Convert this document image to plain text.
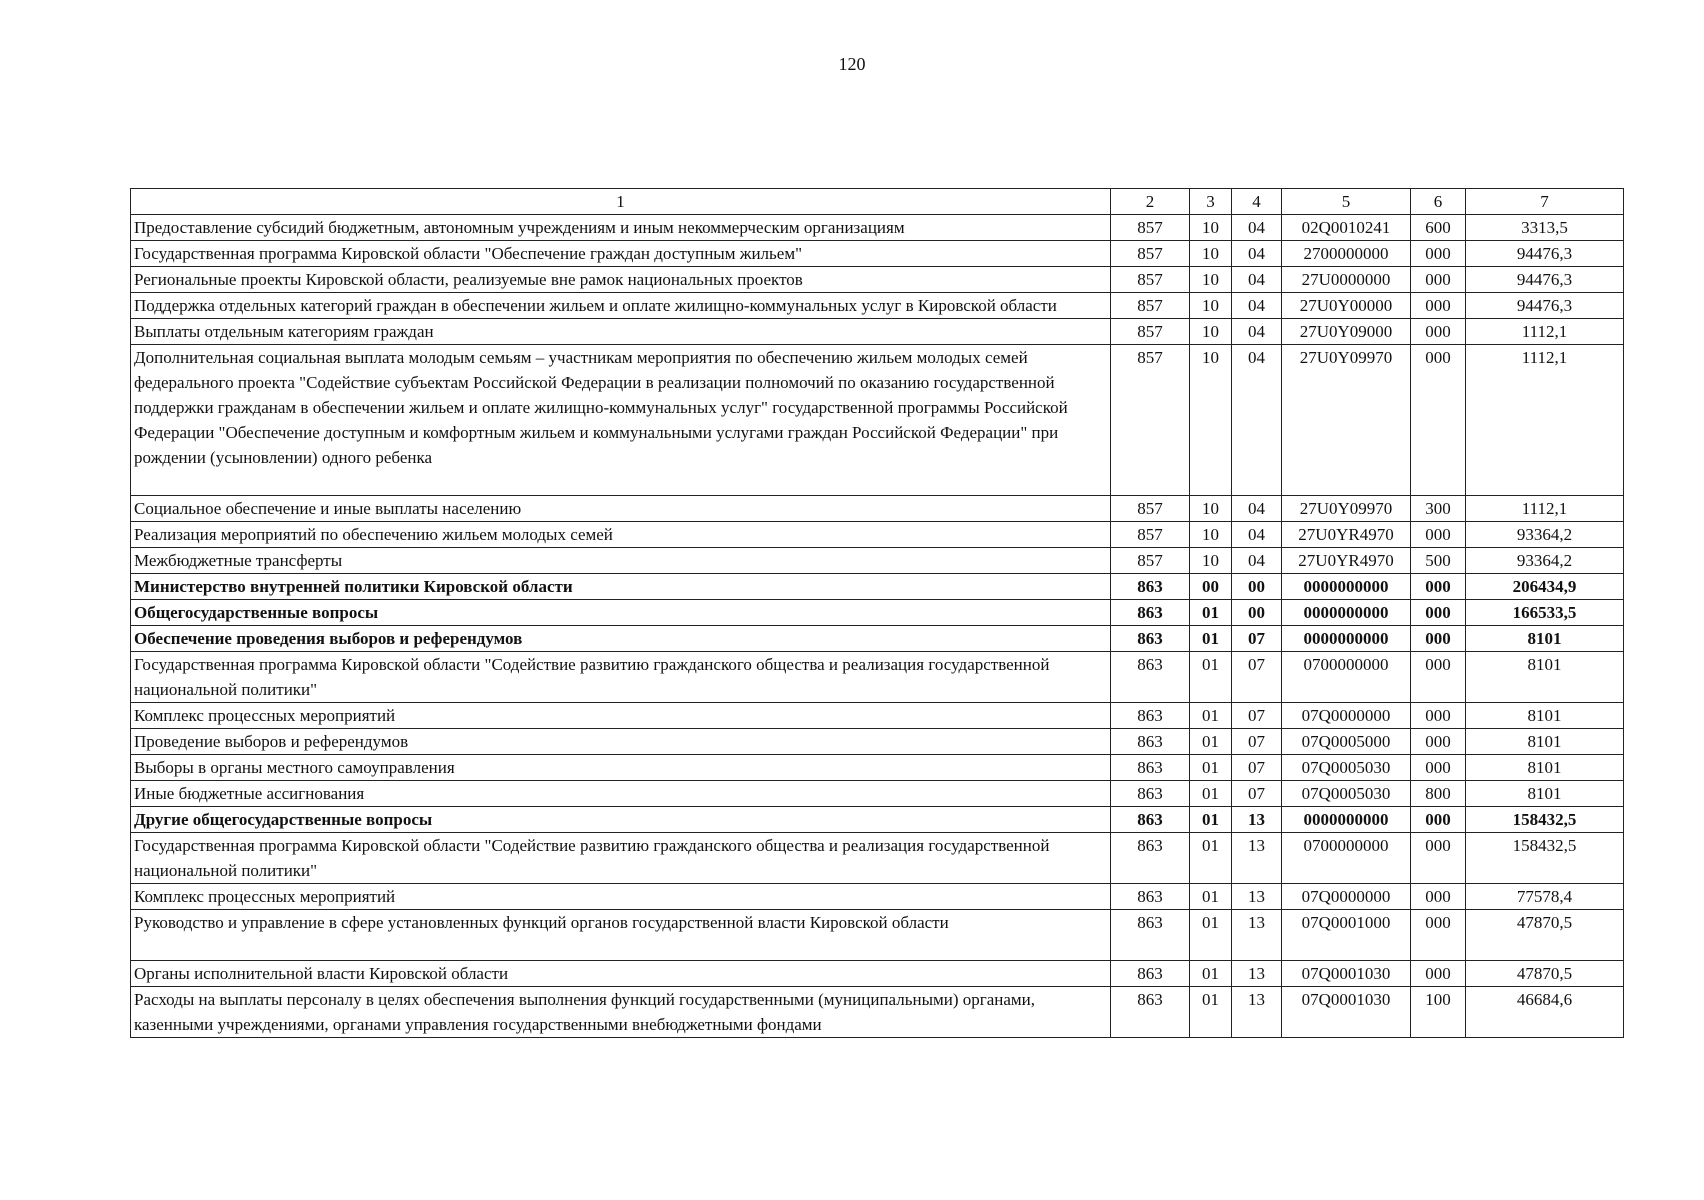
120
1	2	3	4	5	6	7
Предоставление субсидий бюджетным, автономным учреждениям и иным некоммерческим организациям	857	10	04	02Q0010241	600	3313,5
Государственная программа Кировской области "Обеспечение граждан доступным жильем"	857	10	04	2700000000	000	94476,3
Региональные проекты Кировской области, реализуемые вне рамок национальных проектов	857	10	04	27U0000000	000	94476,3
Поддержка отдельных категорий граждан в обеспечении жильем и оплате жилищно-коммунальных услуг в Кировской области	857	10	04	27U0Y00000	000	94476,3
Выплаты отдельным категориям граждан	857	10	04	27U0Y09000	000	1112,1
Дополнительная социальная выплата молодым семьям – участникам мероприятия по обеспечению жильем молодых семей федерального проекта "Содействие субъектам Российской Федерации в реализации полномочий по оказанию государственной поддержки гражданам в обеспечении жильем и оплате жилищно-коммунальных услуг" государственной программы Российской Федерации "Обеспечение доступным и комфортным жильем и коммунальными услугами граждан Российской Федерации" при рождении (усыновлении) одного ребенка	857	10	04	27U0Y09970	000	1112,1
Социальное обеспечение и иные выплаты населению	857	10	04	27U0Y09970	300	1112,1
Реализация мероприятий по обеспечению жильем молодых семей	857	10	04	27U0YR4970	000	93364,2
Межбюджетные трансферты	857	10	04	27U0YR4970	500	93364,2
Министерство внутренней политики Кировской области	863	00	00	0000000000	000	206434,9
Общегосударственные вопросы	863	01	00	0000000000	000	166533,5
Обеспечение проведения выборов и референдумов	863	01	07	0000000000	000	8101
Государственная программа Кировской области "Содействие развитию гражданского общества и реализация государственной национальной политики"	863	01	07	0700000000	000	8101
Комплекс процессных мероприятий	863	01	07	07Q0000000	000	8101
Проведение выборов и референдумов	863	01	07	07Q0005000	000	8101
Выборы в органы местного самоуправления	863	01	07	07Q0005030	000	8101
Иные бюджетные ассигнования	863	01	07	07Q0005030	800	8101
Другие общегосударственные вопросы	863	01	13	0000000000	000	158432,5
Государственная программа Кировской области "Содействие развитию гражданского общества и реализация государственной национальной политики"	863	01	13	0700000000	000	158432,5
Комплекс процессных мероприятий	863	01	13	07Q0000000	000	77578,4
Руководство и управление в сфере установленных функций органов государственной власти Кировской области	863	01	13	07Q0001000	000	47870,5
Органы исполнительной власти Кировской области	863	01	13	07Q0001030	000	47870,5
Расходы на выплаты персоналу в целях обеспечения выполнения функций государственными (муниципальными) органами, казенными учреждениями, органами управления государственными внебюджетными фондами	863	01	13	07Q0001030	100	46684,6
